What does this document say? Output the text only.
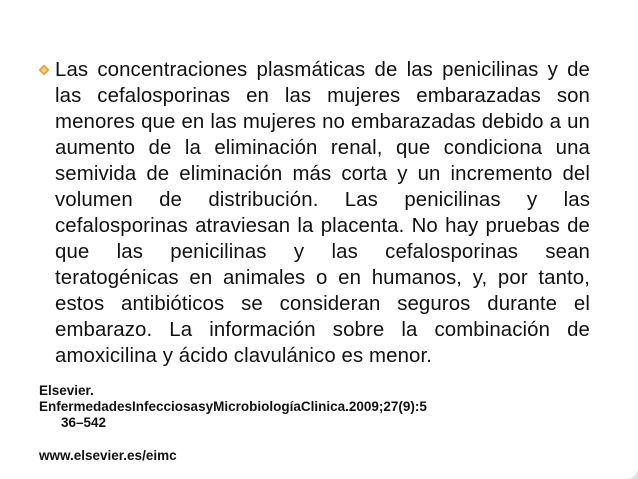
Las concentraciones plasmáticas de las penicilinas y de las cefalosporinas en las mujeres embarazadas son menores que en las mujeres no embarazadas debido a un aumento de la eliminación renal, que condiciona una semivida de eliminación más corta y un incremento del volumen de distribución. Las penicilinas y las cefalosporinas atraviesan la placenta. No hay pruebas de que las penicilinas y las cefalosporinas sean teratogénicas en animales o en humanos, y, por tanto, estos antibióticos se consideran seguros durante el embarazo. La información sobre la combinación de amoxicilina y ácido clavulánico es menor.
Elsevier.
EnfermedadesInfecciosasyMicrobiologíaClinica.2009;27(9):5
36–542
www.elsevier.es/eimc
